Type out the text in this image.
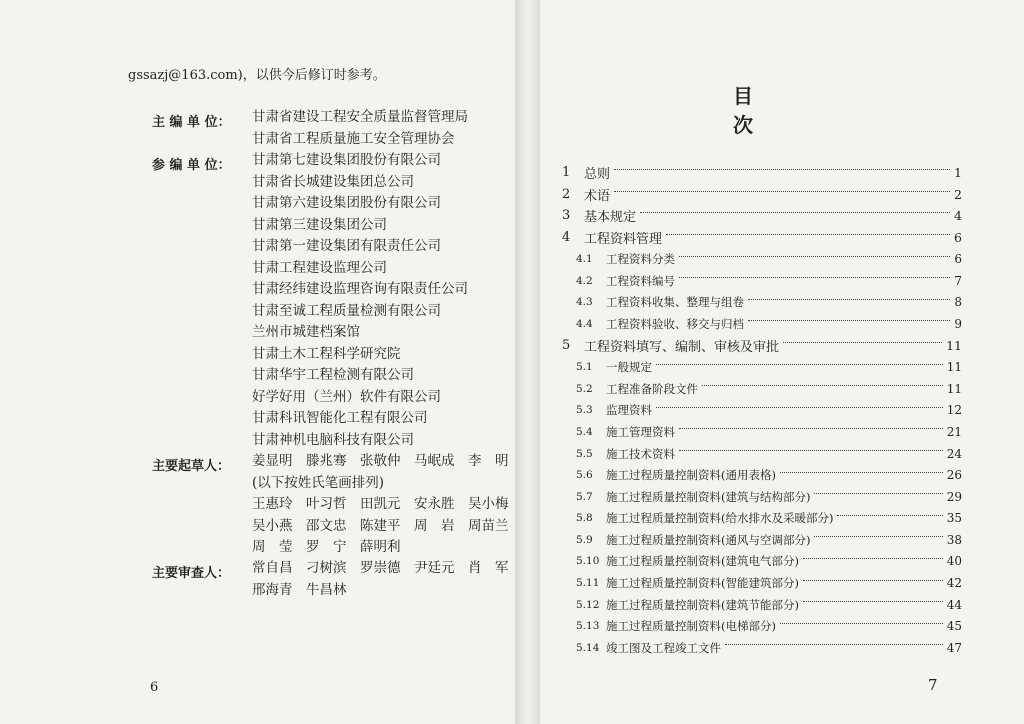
gssazj@163.com)，以供今后修订时参考。
主 编 单 位： 甘肃省建设工程安全质量监督管理局
甘肃省工程质量施工安全管理协会
参 编 单 位： 甘肃第七建设集团股份有限公司
甘肃省长城建设集团总公司
甘肃第六建设集团股份有限公司
甘肃第三建设集团公司
甘肃第一建设集团有限责任公司
甘肃工程建设监理公司
甘肃经纬建设监理咨询有限责任公司
甘肃至诚工程质量检测有限公司
兰州市城建档案馆
甘肃土木工程科学研究院
甘肃华宇工程检测有限公司
好学好用（兰州）软件有限公司
甘肃科讯智能化工程有限公司
甘肃神机电脑科技有限公司
主要起草人： 姜显明　滕兆骞　张敬仲　马岷成　李　明
(以下按姓氏笔画排列)
王惠玲　叶习哲　田凯元　安永胜　吴小梅
吴小燕　邵文忠　陈建平　周　岩　周苗兰
周　莹　罗　宁　薛明利
主要审查人： 常自昌　刁树滨　罗崇德　尹廷元　肖　军
邢海青　牛昌林
6
目 次
1	总则	1
2	术语	2
3	基本规定	4
4	工程资料管理	6
4.1	工程资料分类	6
4.2	工程资料编号	7
4.3	工程资料收集、整理与组卷	8
4.4	工程资料验收、移交与归档	9
5	工程资料填写、编制、审核及审批	11
5.1	一般规定	11
5.2	工程准备阶段文件	11
5.3	监理资料	12
5.4	施工管理资料	21
5.5	施工技术资料	24
5.6	施工过程质量控制资料(通用表格)	26
5.7	施工过程质量控制资料(建筑与结构部分)	29
5.8	施工过程质量控制资料(给水排水及采暖部分)	35
5.9	施工过程质量控制资料(通风与空调部分)	38
5.10 施工过程质量控制资料(建筑电气部分)	40
5.11 施工过程质量控制资料(智能建筑部分)	42
5.12 施工过程质量控制资料(建筑节能部分)	44
5.13 施工过程质量控制资料(电梯部分)	45
5.14 竣工图及工程竣工文件	47
7
